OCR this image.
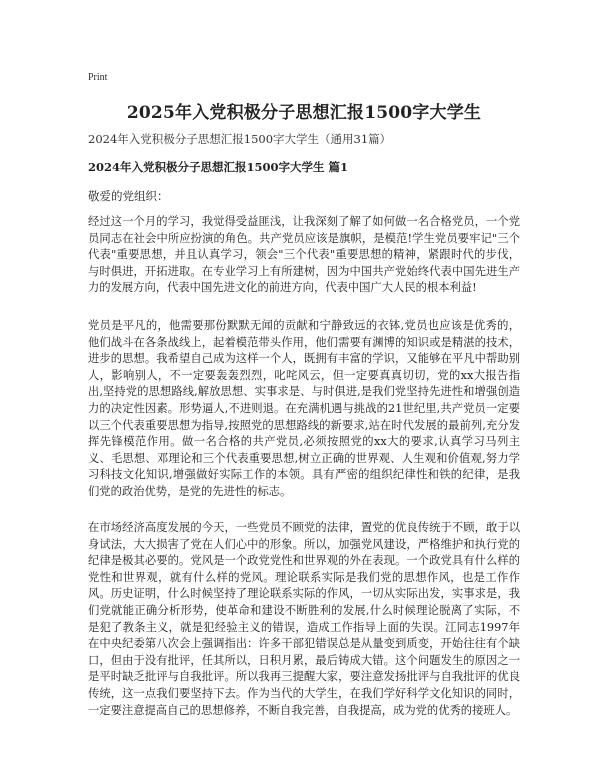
Print
2025年入党积极分子思想汇报1500字大学生
2024年入党积极分子思想汇报1500字大学生（通用31篇）
2024年入党积极分子思想汇报1500字大学生 篇1
敬爱的党组织：

经过这一个月的学习，我觉得受益匪浅，让我深刻了解了如何做一名合格党员，一个党员同志在社会中所应扮演的角色。共产党员应该是旗帜，是模范!学生党员要牢记"三个代表"重要思想，并且认真学习，领会"三个代表"重要思想的精神，紧跟时代的步伐，与时俱进，开拓进取。在专业学习上有所建树，因为中国共产党始终代表中国先进生产力的发展方向，代表中国先进文化的前进方向，代表中国广大人民的根本利益!

党员是平凡的，他需要那份默默无闻的贡献和宁静致远的衣钵,党员也应该是优秀的，他们战斗在各条战线上，起着模范带头作用，他们需要有渊博的知识或是精湛的技术，进步的思想。我希望自己成为这样一个人，既拥有丰富的学识，又能够在平凡中帮助别人，影响别人，不一定要轰轰烈烈，叱咤风云，但一定要真真切切，党的xx大报告指出,坚持党的思想路线,解放思想、实事求是、与时俱进,是我们党坚持先进性和增强创造力的决定性因素。形势逼人,不进则退。在充满机遇与挑战的21世纪里,共产党员一定要以三个代表重要思想为指导,按照党的思想路线的新要求,站在时代发展的最前列,充分发挥先锋模范作用。做一名合格的共产党员,必须按照党的xx大的要求,认真学习马列主义、毛思想、邓理论和三个代表重要思想,树立正确的世界观、人生观和价值观,努力学习科技文化知识,增强做好实际工作的本领。具有严密的组织纪律性和铁的纪律，是我们党的政治优势，是党的先进性的标志。

在市场经济高度发展的今天，一些党员不顾党的法律，置党的优良传统于不顾，敢于以身试法，大大损害了党在人们心中的形象。所以，加强党风建设，严格维护和执行党的纪律是极其必要的。党风是一个政党党性和世界观的外在表现。一个政党具有什么样的党性和世界观，就有什么样的党风。理论联系实际是我们党的思想作风，也是工作作风。历史证明，什么时候坚持了理论联系实际的作风，一切从实际出发，实事求是，我们党就能正确分析形势，使革命和建设不断胜利的发展,什么时候理论脱离了实际，不是犯了教条主义，就是犯经验主义的错误，造成工作指导上面的失误。江同志1997年在中央纪委第八次会上强调指出：许多干部犯错误总是从量变到质变，开始往往有个缺口，但由于没有批评，任其所以，日积月累，最后铸成大错。这个问题发生的原因之一是平时缺乏批评与自我批评。所以我再三提醒大家，要注意发扬批评与自我批评的优良传统，这一点我们要坚持下去。作为当代的大学生，在我们学好科学文化知识的同时，一定要注意提高自己的思想修养，不断自我完善，自我提高，成为党的优秀的接班人。
